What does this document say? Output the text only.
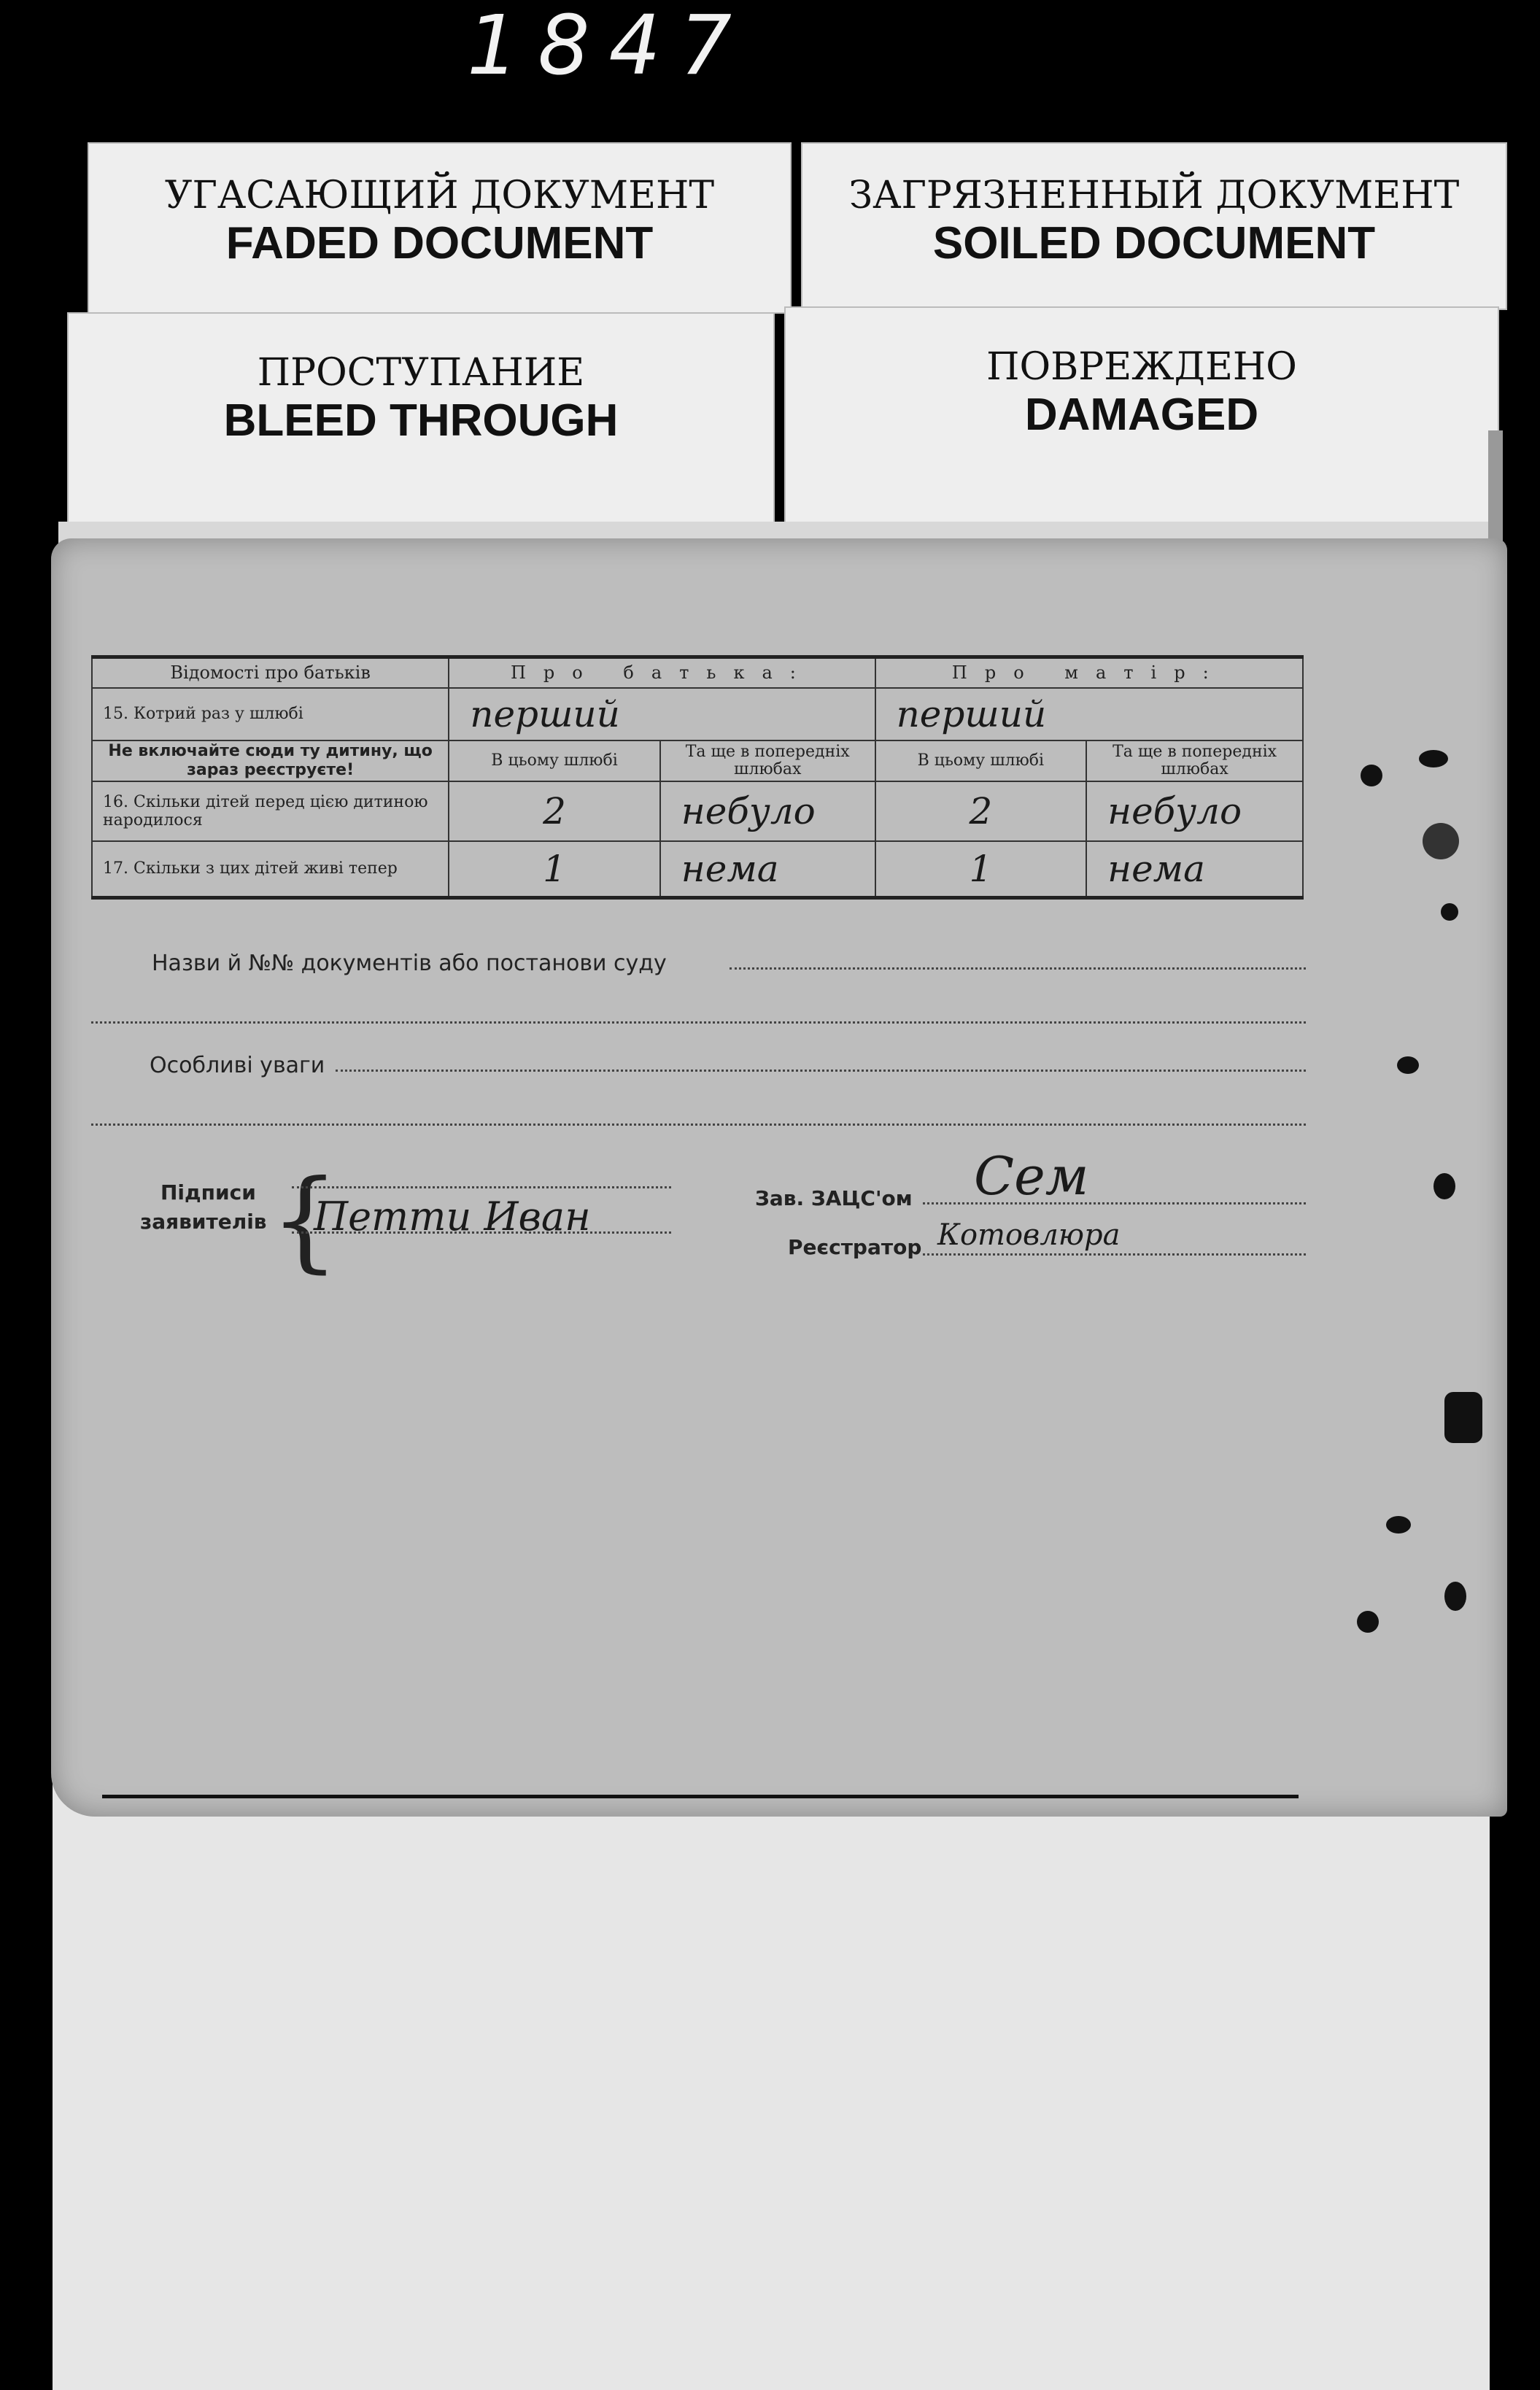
1847
УГАСАЮЩИЙ ДОКУМЕНТ
FADED DOCUMENT
ЗАГРЯЗНЕННЫЙ ДОКУМЕНТ
SOILED DOCUMENT
ПРОСТУПАНИЕ
BLEED THROUGH
ПОВРЕЖДЕНО
DAMAGED
Відомості про батьків	Про батька:		Про матір:	
15. Котрий раз у шлюбі	перший		перший	
Не включайте сюди ту дитину, що зараз реєструєте!	В цьому шлюбі	Та ще в попередніх шлюбах	В цьому шлюбі	Та ще в попередніх шлюбах
16. Скільки дітей перед цією дитиною народилося	2	небуло	2	небуло
17. Скільки з цих дітей живі тепер	1	нема	1	нема
Назви й №№ документів або постанови суду
Особливі уваги
Підписи
заявителів {
Петти Иван	Зав. ЗАЦС'ом Сем
Реєстратор Котовлюра
